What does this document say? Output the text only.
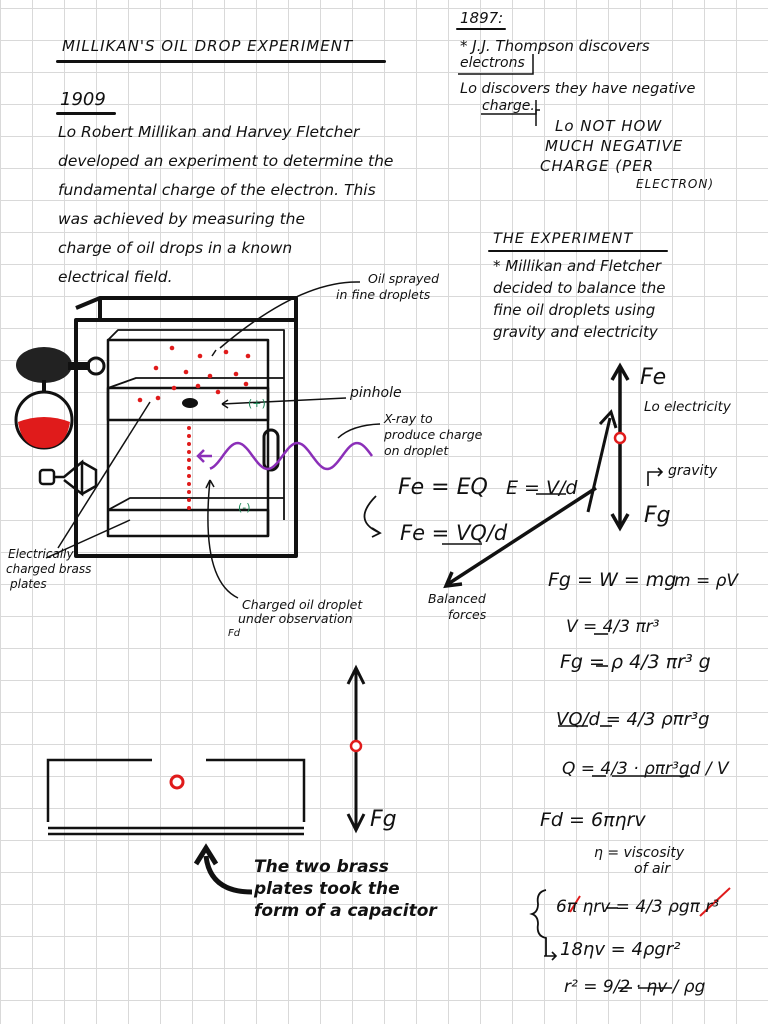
MILLIKAN'S OIL DROP EXPERIMENT
1909
Lo Robert Millikan and Harvey Fletcher
developed an experiment to determine the
fundamental charge of the electron. This
was achieved by measuring the
charge of oil drops in a known
electrical field.
1897:
* J.J. Thompson discovers
electrons
Lo discovers they have negative
charge.
Lo NOT HOW
MUCH NEGATIVE
CHARGE (PER
ELECTRON)
THE EXPERIMENT
* Millikan and Fletcher
decided to balance the
fine oil droplets using
gravity and electricity
Oil sprayed
in fine droplets
pinhole
X-ray to
produce charge
on droplet
(+)
(-)
Electrically
charged brass
plates
Charged oil droplet
under observation
Fd
Balanced
forces
Fe
Lo electricity
gravity
Fg
Fg
The two brass
plates took the
form of a capacitor
Fe = EQ E = V/d
Fe = VQ/d
Fg = W = mg
m = ρV
V = 4/3 πr³
Fg = ρ 4/3 πr³ g
VQ/d = 4/3 ρπr³g
Q = 4/3 · ρπr³gd / V
Fd = 6πηrv
η = viscosity
of air
6π ηrv = 4/3 ρgπ r³
18ηv = 4ρgr²
r² = 9/2 · ηv / ρg
